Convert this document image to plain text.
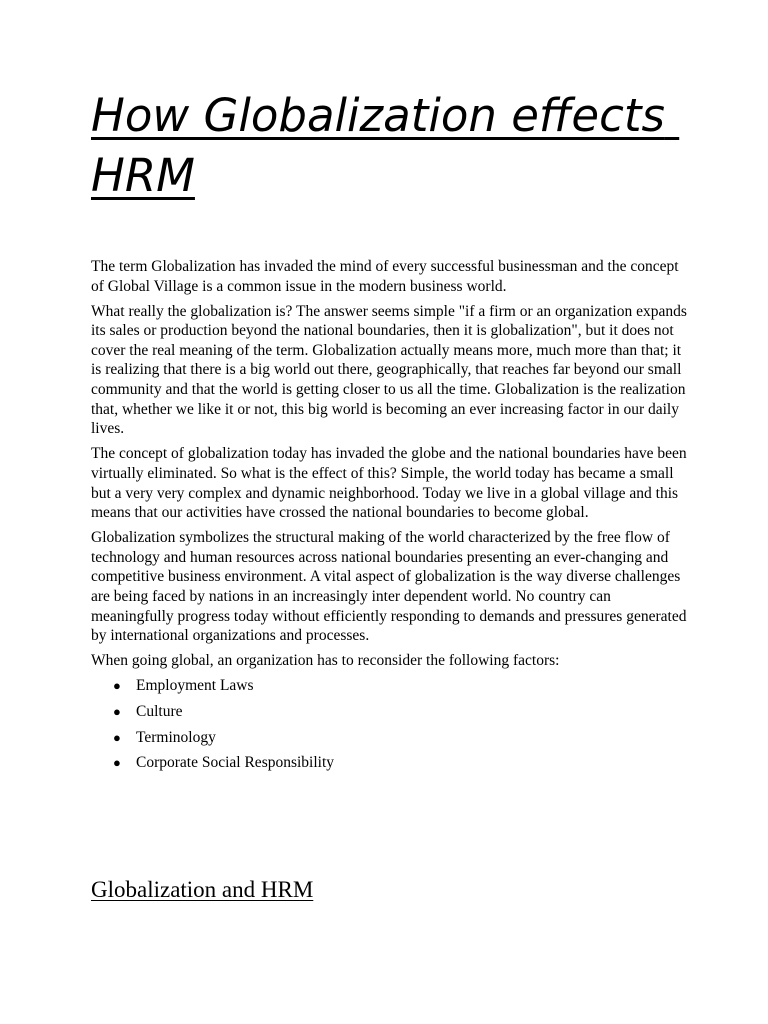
How Globalization effects HRM

The term Globalization has invaded the mind of every successful businessman and the concept of Global Village is a common issue in the modern business world.

What really the globalization is? The answer seems simple "if a firm or an organization expands its sales or production beyond the national boundaries, then it is globalization", but it does not cover the real meaning of the term. Globalization actually means more, much more than that; it is realizing that there is a big world out there, geographically, that reaches far beyond our small community and that the world is getting closer to us all the time. Globalization is the realization that, whether we like it or not, this big world is becoming an ever increasing factor in our daily lives.

The concept of globalization today has invaded the globe and the national boundaries have been virtually eliminated. So what is the effect of this? Simple, the world today has became a small but a very very complex and dynamic neighborhood. Today we live in a global village and this means that our activities have crossed the national boundaries to become global.

Globalization symbolizes the structural making of the world characterized by the free flow of technology and human resources across national boundaries presenting an ever-changing and competitive business environment. A vital aspect of globalization is the way diverse challenges are being faced by nations in an increasingly inter dependent world. No country can meaningfully progress today without efficiently responding to demands and pressures generated by international organizations and processes.

When going global, an organization has to reconsider the following factors:

● Employment Laws
● Culture
● Terminology
● Corporate Social Responsibility
Globalization and HRM
